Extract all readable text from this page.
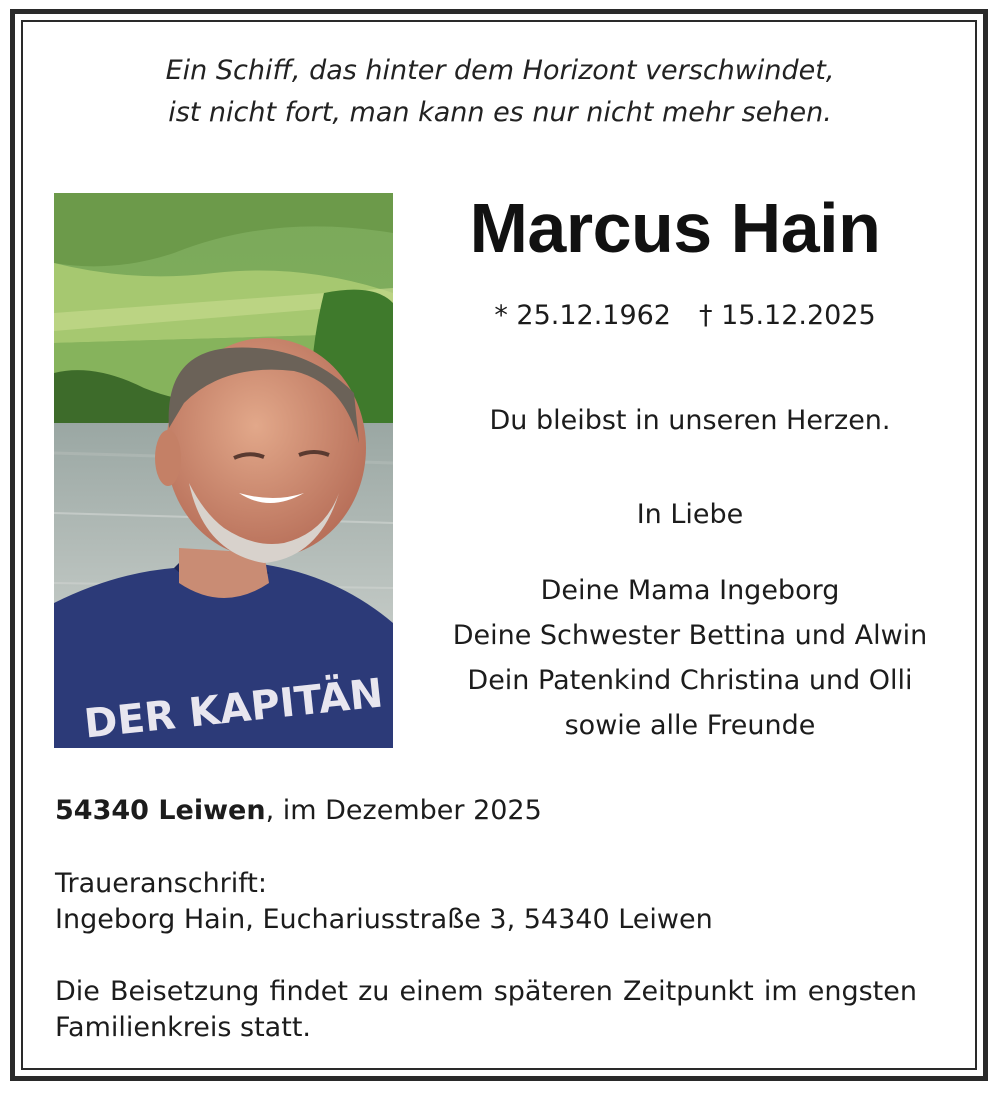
Ein Schiff, das hinter dem Horizont verschwindet,
ist nicht fort, man kann es nur nicht mehr sehen.
DER KAPITÄN
Marcus Hain
* 25.12.1962 † 15.12.2025
Du bleibst in unseren Herzen.
In Liebe
Deine Mama Ingeborg
Deine Schwester Bettina und Alwin
Dein Patenkind Christina und Olli
sowie alle Freunde
54340 Leiwen, im Dezember 2025
Traueranschrift:
Ingeborg Hain, Euchariusstraße 3, 54340 Leiwen
Die Beisetzung findet zu einem späteren Zeitpunkt im engsten Familienkreis statt.
